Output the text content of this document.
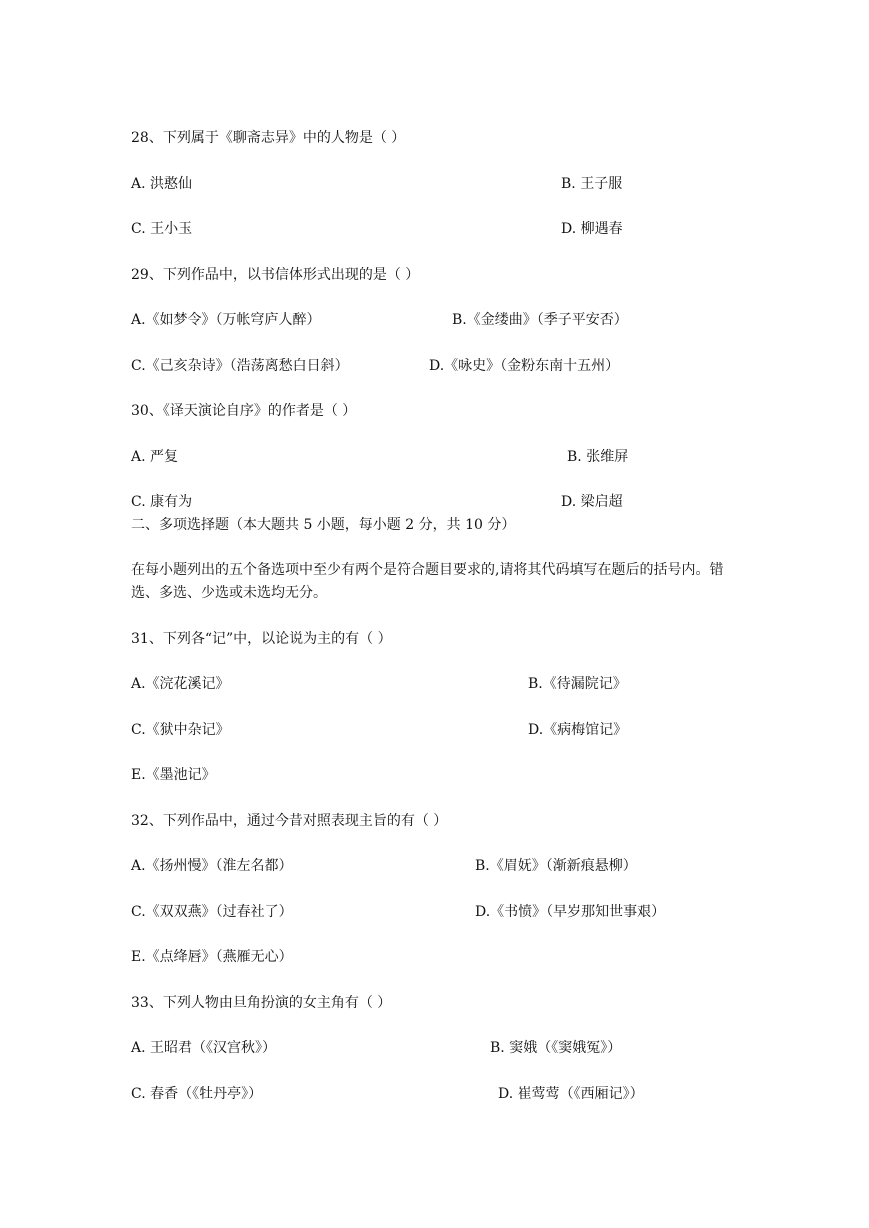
28、下列属于《聊斋志异》中的人物是（ ）
A. 洪憨仙	B. 王子服
C. 王小玉	D. 柳遇春
29、下列作品中，以书信体形式出现的是（ ）
A.《如梦令》（万帐穹庐人醉）	B.《金缕曲》（季子平安否）
C.《己亥杂诗》（浩荡离愁白日斜）	D.《咏史》（金粉东南十五州）
30、《译天演论自序》的作者是（ ）
A. 严复	B. 张维屏
C. 康有为	D. 梁启超
二、多项选择题（本大题共 5 小题，每小题 2 分，共 10 分）
在每小题列出的五个备选项中至少有两个是符合题目要求的,请将其代码填写在题后的括号内。错选、多选、少选或未选均无分。
31、下列各“记”中，以论说为主的有（ ）
A.《浣花溪记》	B.《待漏院记》
C.《狱中杂记》	D.《病梅馆记》
E.《墨池记》
32、下列作品中，通过今昔对照表现主旨的有（ ）
A.《扬州慢》（淮左名都）	B.《眉妩》（渐新痕悬柳）
C.《双双燕》（过春社了）	D.《书愤》（早岁那知世事艰）
E.《点绛唇》（燕雁无心）
33、下列人物由旦角扮演的女主角有（ ）
A. 王昭君（《汉宫秋》）	B. 窦娥（《窦娥冤》）
C. 春香（《牡丹亭》）	D. 崔莺莺（《西厢记》）
